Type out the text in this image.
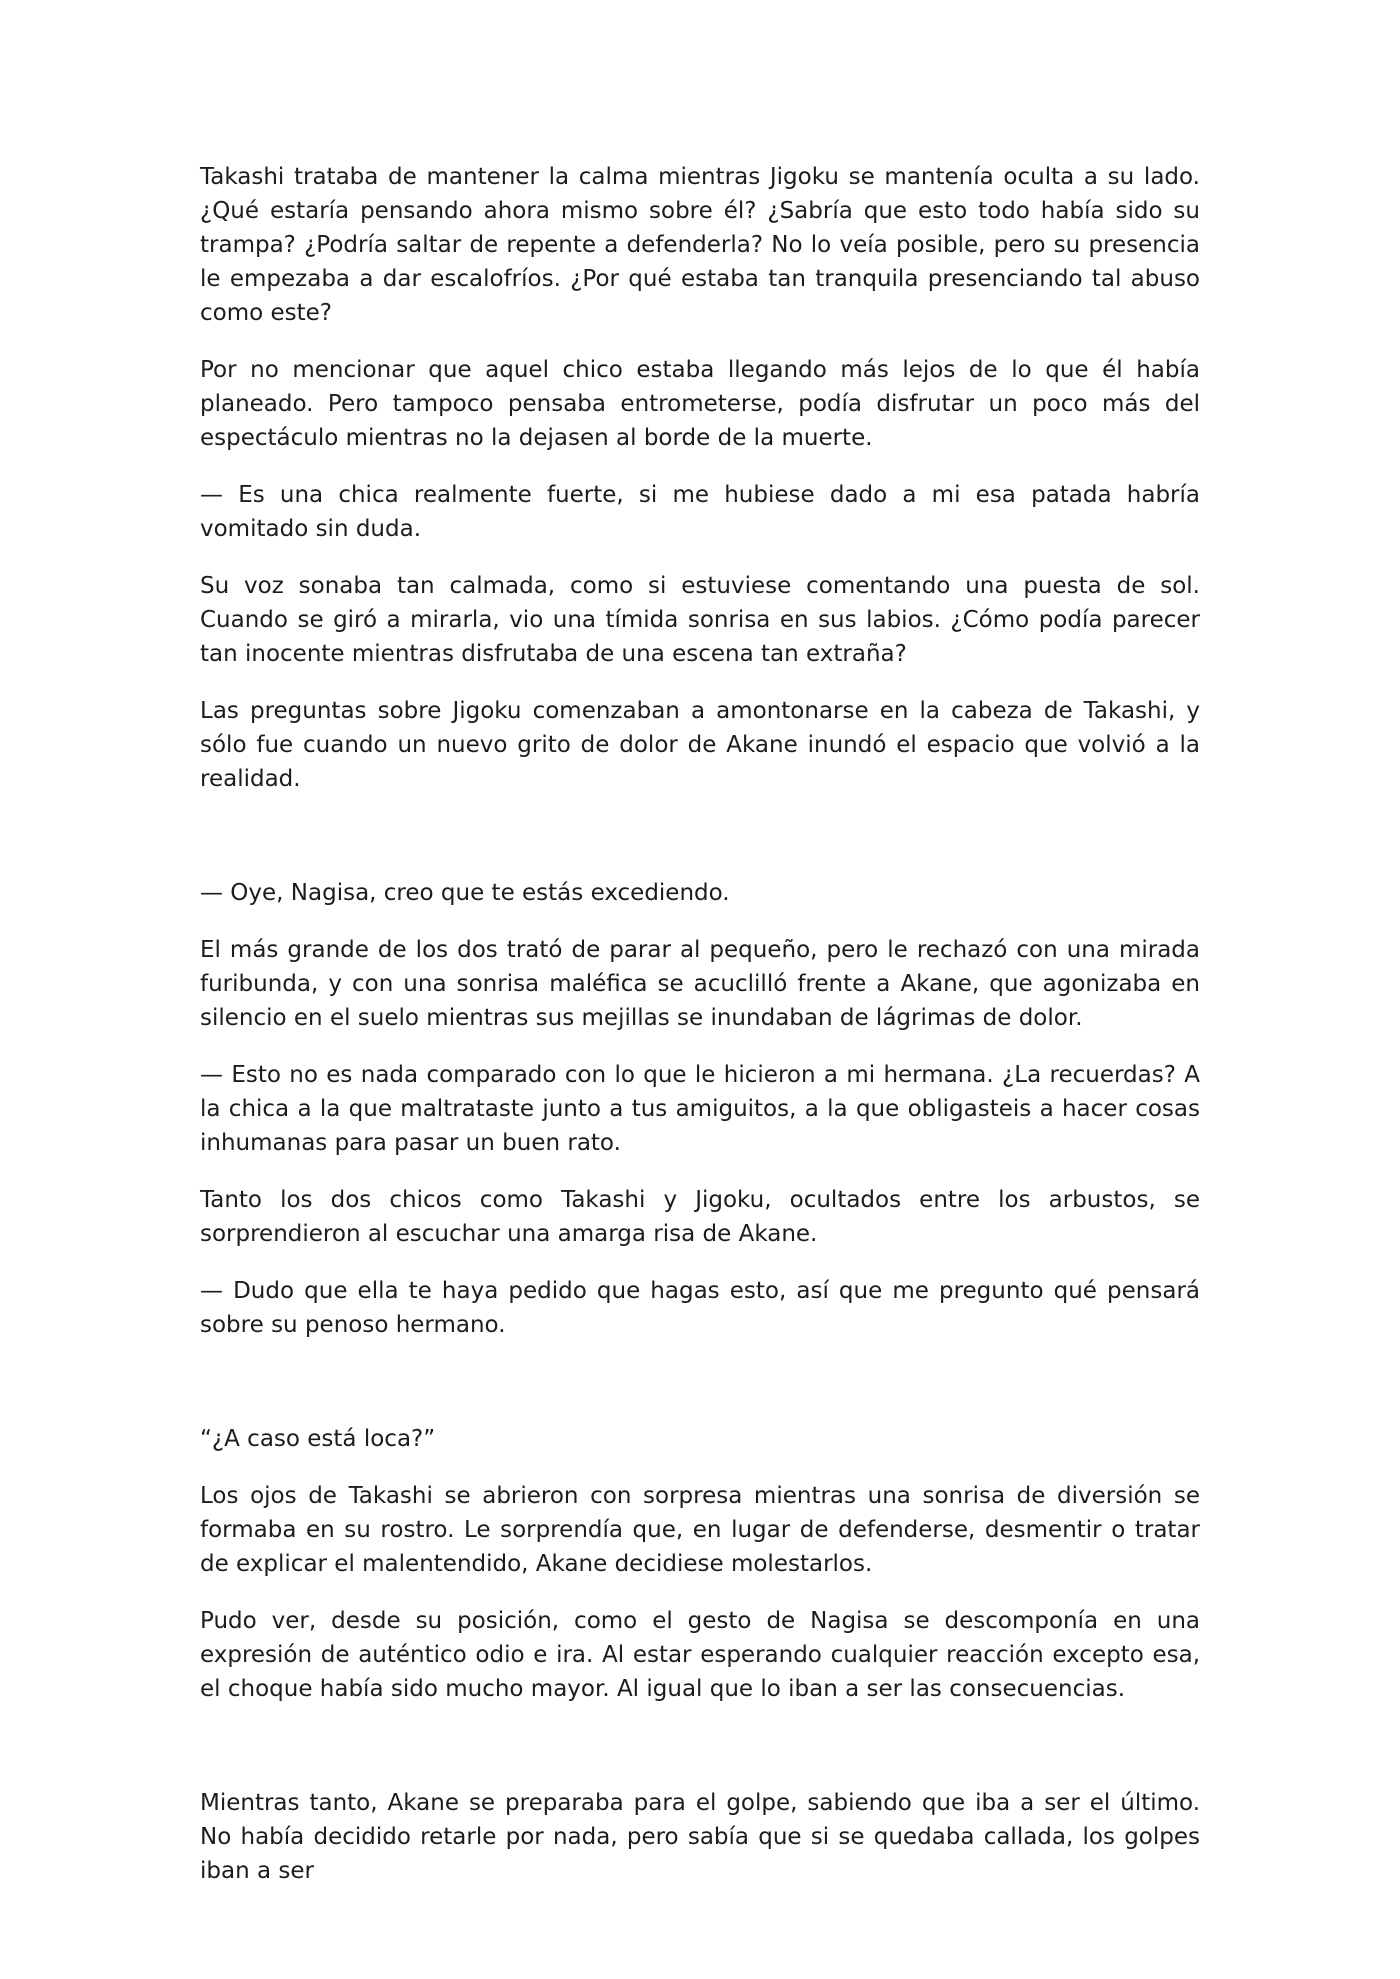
Takashi trataba de mantener la calma mientras Jigoku se mantenía oculta a su lado. ¿Qué estaría pensando ahora mismo sobre él? ¿Sabría que esto todo había sido su trampa? ¿Podría saltar de repente a defenderla? No lo veía posible, pero su presencia le empezaba a dar escalofríos. ¿Por qué estaba tan tranquila presenciando tal abuso como este?

Por no mencionar que aquel chico estaba llegando más lejos de lo que él había planeado. Pero tampoco pensaba entrometerse, podía disfrutar un poco más del espectáculo mientras no la dejasen al borde de la muerte.

— Es una chica realmente fuerte, si me hubiese dado a mi esa patada habría vomitado sin duda.

Su voz sonaba tan calmada, como si estuviese comentando una puesta de sol. Cuando se giró a mirarla, vio una tímida sonrisa en sus labios. ¿Cómo podía parecer tan inocente mientras disfrutaba de una escena tan extraña?

Las preguntas sobre Jigoku comenzaban a amontonarse en la cabeza de Takashi, y sólo fue cuando un nuevo grito de dolor de Akane inundó el espacio que volvió a la realidad.

— Oye, Nagisa, creo que te estás excediendo.

El más grande de los dos trató de parar al pequeño, pero le rechazó con una mirada furibunda, y con una sonrisa maléfica se acuclilló frente a Akane, que agonizaba en silencio en el suelo mientras sus mejillas se inundaban de lágrimas de dolor.

— Esto no es nada comparado con lo que le hicieron a mi hermana. ¿La recuerdas? A la chica a la que maltrataste junto a tus amiguitos, a la que obligasteis a hacer cosas inhumanas para pasar un buen rato.

Tanto los dos chicos como Takashi y Jigoku, ocultados entre los arbustos, se sorprendieron al escuchar una amarga risa de Akane.

— Dudo que ella te haya pedido que hagas esto, así que me pregunto qué pensará sobre su penoso hermano.

“¿A caso está loca?”

Los ojos de Takashi se abrieron con sorpresa mientras una sonrisa de diversión se formaba en su rostro. Le sorprendía que, en lugar de defenderse, desmentir o tratar de explicar el malentendido, Akane decidiese molestarlos.

Pudo ver, desde su posición, como el gesto de Nagisa se descomponía en una expresión de auténtico odio e ira. Al estar esperando cualquier reacción excepto esa, el choque había sido mucho mayor. Al igual que lo iban a ser las consecuencias.

Mientras tanto, Akane se preparaba para el golpe, sabiendo que iba a ser el último. No había decidido retarle por nada, pero sabía que si se quedaba callada, los golpes iban a ser
